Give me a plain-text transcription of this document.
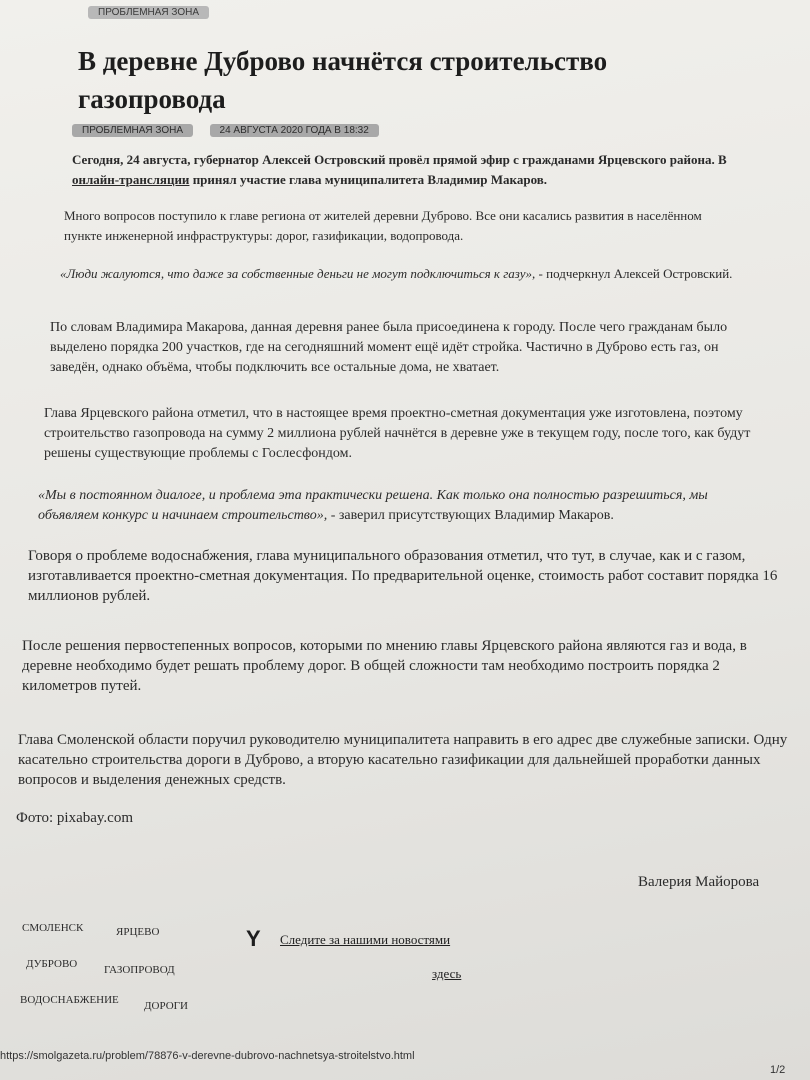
ПРОБЛЕМНАЯ ЗОНА
В деревне Дуброво начнётся строительство газопровода
ПРОБЛЕМНАЯ ЗОНА	24 АВГУСТА 2020 ГОДА В 18:32
Сегодня, 24 августа, губернатор Алексей Островский провёл прямой эфир с гражданами Ярцевского района. В онлайн-трансляции принял участие глава муниципалитета Владимир Макаров.
Много вопросов поступило к главе региона от жителей деревни Дуброво. Все они касались развития в населённом пункте инженерной инфраструктуры: дорог, газификации, водопровода.
«Люди жалуются, что даже за собственные деньги не могут подключиться к газу», - подчеркнул Алексей Островский.
По словам Владимира Макарова, данная деревня ранее была присоединена к городу. После чего гражданам было выделено порядка 200 участков, где на сегодняшний момент ещё идёт стройка. Частично в Дуброво есть газ, он заведён, однако объёма, чтобы подключить все остальные дома, не хватает.
Глава Ярцевского района отметил, что в настоящее время проектно-сметная документация уже изготовлена, поэтому строительство газопровода на сумму 2 миллиона рублей начнётся в деревне уже в текущем году, после того, как будут решены существующие проблемы с Гослесфондом.
«Мы в постоянном диалоге, и проблема эта практически решена. Как только она полностью разрешиться, мы объявляем конкурс и начинаем строительство», - заверил присутствующих Владимир Макаров.
Говоря о проблеме водоснабжения, глава муниципального образования отметил, что тут, в случае, как и с газом, изготавливается проектно-сметная документация. По предварительной оценке, стоимость работ составит порядка 16 миллионов рублей.
После решения первостепенных вопросов, которыми по мнению главы Ярцевского района являются газ и вода, в деревне необходимо будет решать проблему дорог. В общей сложности там необходимо построить порядка 2 километров путей.
Глава Смоленской области поручил руководителю муниципалитета направить в его адрес две служебные записки. Одну касательно строительства дороги в Дуброво, а вторую касательно газификации для дальнейшей проработки данных вопросов и выделения денежных средств.
Фото: pixabay.com
Валерия Майорова
СМОЛЕНСК	ЯРЦЕВО
ДУБРОВО ГАЗОПРОВОД
ВОДОСНАБЖЕНИЕ ДОРОГИ
Y Следите за нашими новостями
здесь
https://smolgazeta.ru/problem/78876-v-derevne-dubrovo-nachnetsya-stroitelstvo.html
1/2
